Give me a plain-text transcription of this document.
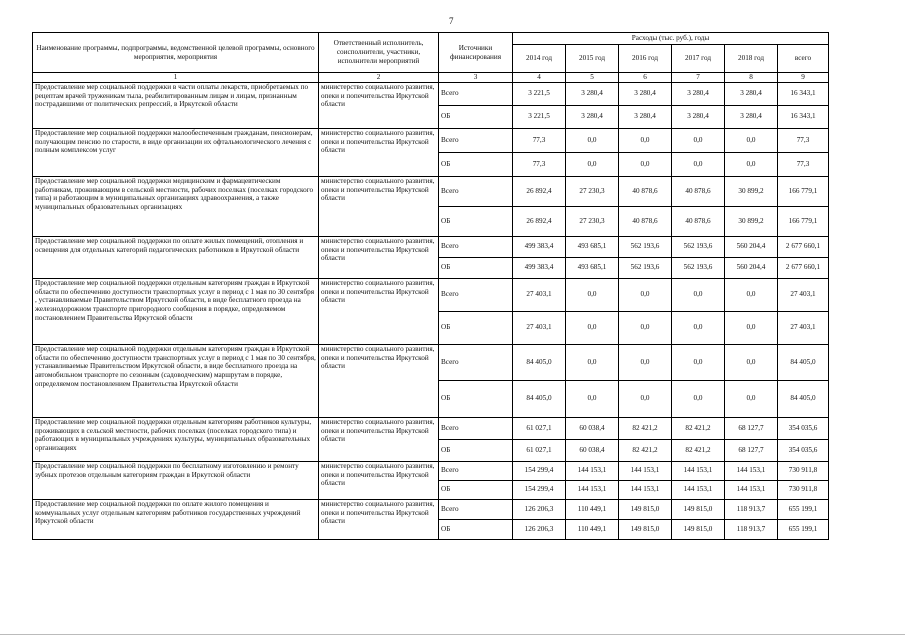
7
Наименование программы, подпрограммы, ведомственной целевой программы, основного мероприятия, мероприятия	Ответственный исполнитель, соисполнители, участники, исполнители мероприятий	Источники финансирования	Расходы (тыс. руб.), годы					
			2014 год	2015 год	2016 год	2017 год	2018 год	всего
1	2	3	4	5	6	7	8	9
Предоставление мер социальной поддержки в части оплаты лекарств, приобретаемых по рецептам врачей труженикам тыла, реабилитированным лицам и лицам, признанным пострадавшими от политических репрессий, в Иркутской области	министерство социального развития, опеки и попечительства Иркутской области	Всего	3 221,5	3 280,4	3 280,4	3 280,4	3 280,4	16 343,1
		ОБ	3 221,5	3 280,4	3 280,4	3 280,4	3 280,4	16 343,1
Предоставление мер социальной поддержки малообеспеченным гражданам, пенсионерам, получающим пенсию по старости, в виде организации их офтальмологического лечения с полным комплексом услуг	министерство социального развития, опеки и попечительства Иркутской области	Всего	77,3	0,0	0,0	0,0	0,0	77,3
		ОБ	77,3	0,0	0,0	0,0	0,0	77,3
Предоставление мер социальной поддержки медицинским и фармацевтическим работникам, проживающим в сельской местности, рабочих поселках (поселках городского типа) и работающим в муниципальных организациях здравоохранения, а также муниципальных образовательных организациях	министерство социального развития, опеки и попечительства Иркутской области	Всего	26 892,4	27 230,3	40 878,6	40 878,6	30 899,2	166 779,1
		ОБ	26 892,4	27 230,3	40 878,6	40 878,6	30 899,2	166 779,1
Предоставление мер социальной поддержки по оплате жилых помещений, отопления и освещения для отдельных категорий педагогических работников в Иркутской области	министерство социального развития, опеки и попечительства Иркутской области	Всего	499 383,4	493 685,1	562 193,6	562 193,6	560 204,4	2 677 660,1
		ОБ	499 383,4	493 685,1	562 193,6	562 193,6	560 204,4	2 677 660,1
Предоставление мер социальной поддержки отдельным категориям граждан в Иркутской области по обеспечению доступности транспортных услуг в период с 1 мая по 30 сентября , устанавливаемые Правительством Иркутской области, в виде бесплатного проезда на железнодорожном транспорте пригородного сообщения в порядке, определяемом постановлением Правительства Иркутской области	министерство социального развития, опеки и попечительства Иркутской области	Всего	27 403,1	0,0	0,0	0,0	0,0	27 403,1
		ОБ	27 403,1	0,0	0,0	0,0	0,0	27 403,1
Предоставление мер социальной поддержки отдельным категориям граждан в Иркутской области по обеспечению доступности транспортных услуг в период с 1 мая по 30 сентября, устанавливаемые Правительством Иркутской области, в виде бесплатного проезда на автомобильном транспорте по сезонным (садоводческим) маршрутам в порядке, определяемом постановлением Правительства Иркутской области	министерство социального развития, опеки и попечительства Иркутской области	Всего	84 405,0	0,0	0,0	0,0	0,0	84 405,0
		ОБ	84 405,0	0,0	0,0	0,0	0,0	84 405,0
Предоставление мер социальной поддержки отдельным категориям работников культуры, проживающих в сельской местности, рабочих поселках (поселках городского типа) и работающих в муниципальных учреждениях культуры, муниципальных образовательных организациях	министерство социального развития, опеки и попечительства Иркутской области	Всего	61 027,1	60 038,4	82 421,2	82 421,2	68 127,7	354 035,6
		ОБ	61 027,1	60 038,4	82 421,2	82 421,2	68 127,7	354 035,6
Предоставление мер социальной поддержки по бесплатному изготовлению и ремонту зубных протезов отдельным категориям граждан в Иркутской области	министерство социального развития, опеки и попечительства Иркутской области	Всего	154 299,4	144 153,1	144 153,1	144 153,1	144 153,1	730 911,8
		ОБ	154 299,4	144 153,1	144 153,1	144 153,1	144 153,1	730 911,8
Предоставление мер социальной поддержки по оплате жилого помещения и коммунальных услуг отдельным категориям работников государственных учреждений Иркутской области	министерство социального развития, опеки и попечительства Иркутской области	Всего	126 206,3	110 449,1	149 815,0	149 815,0	118 913,7	655 199,1
		ОБ	126 206,3	110 449,1	149 815,0	149 815,0	118 913,7	655 199,1
